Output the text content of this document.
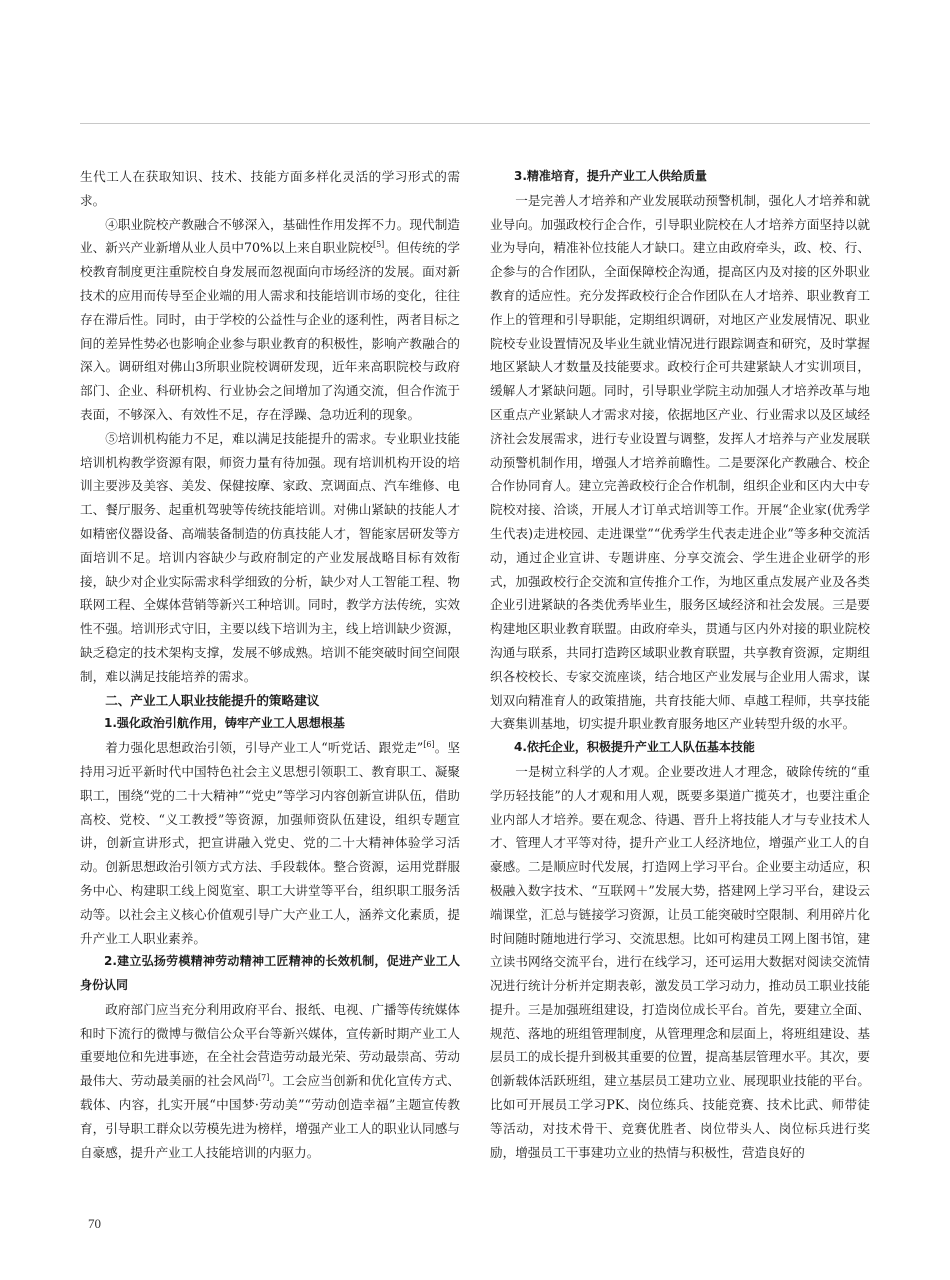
生代工人在获取知识、技术、技能方面多样化灵活的学习形式的需求。

④职业院校产教融合不够深入，基础性作用发挥不力。现代制造业、新兴产业新增从业人员中70%以上来自职业院校[5]。但传统的学校教育制度更注重院校自身发展而忽视面向市场经济的发展。面对新技术的应用而传导至企业端的用人需求和技能培训市场的变化，往往存在滞后性。同时，由于学校的公益性与企业的逐利性，两者目标之间的差异性势必也影响企业参与职业教育的积极性，影响产教融合的深入。调研组对佛山3所职业院校调研发现，近年来高职院校与政府部门、企业、科研机构、行业协会之间增加了沟通交流，但合作流于表面，不够深入、有效性不足，存在浮躁、急功近利的现象。

⑤培训机构能力不足，难以满足技能提升的需求。专业职业技能培训机构教学资源有限，师资力量有待加强。现有培训机构开设的培训主要涉及美容、美发、保健按摩、家政、烹调面点、汽车维修、电工、餐厅服务、起重机驾驶等传统技能培训。对佛山紧缺的技能人才如精密仪器设备、高端装备制造的仿真技能人才，智能家居研发等方面培训不足。培训内容缺少与政府制定的产业发展战略目标有效衔接，缺少对企业实际需求科学细致的分析，缺少对人工智能工程、物联网工程、全媒体营销等新兴工种培训。同时，教学方法传统，实效性不强。培训形式守旧，主要以线下培训为主，线上培训缺少资源，缺乏稳定的技术架构支撑，发展不够成熟。培训不能突破时间空间限制，难以满足技能培养的需求。

二、产业工人职业技能提升的策略建议

1.强化政治引航作用，铸牢产业工人思想根基

着力强化思想政治引领，引导产业工人“听党话、跟党走”[6]。坚持用习近平新时代中国特色社会主义思想引领职工、教育职工、凝聚职工，围绕“党的二十大精神”“党史”等学习内容创新宣讲队伍，借助高校、党校、“义工教授”等资源，加强师资队伍建设，组织专题宣讲，创新宣讲形式，把宣讲融入党史、党的二十大精神体验学习活动。创新思想政治引领方式方法、手段载体。整合资源，运用党群服务中心、构建职工线上阅览室、职工大讲堂等平台，组织职工服务活动等。以社会主义核心价值观引导广大产业工人，涵养文化素质，提升产业工人职业素养。

2.建立弘扬劳模精神劳动精神工匠精神的长效机制，促进产业工人身份认同

政府部门应当充分利用政府平台、报纸、电视、广播等传统媒体和时下流行的微博与微信公众平台等新兴媒体，宣传新时期产业工人重要地位和先进事迹，在全社会营造劳动最光荣、劳动最崇高、劳动最伟大、劳动最美丽的社会风尚[7]。工会应当创新和优化宣传方式、载体、内容，扎实开展“中国梦·劳动美”“劳动创造幸福”主题宣传教育，引导职工群众以劳模先进为榜样，增强产业工人的职业认同感与自豪感，提升产业工人技能培训的内驱力。

3.精准培育，提升产业工人供给质量

一是完善人才培养和产业发展联动预警机制，强化人才培养和就业导向。加强政校行企合作，引导职业院校在人才培养方面坚持以就业为导向，精准补位技能人才缺口。建立由政府牵头，政、校、行、企参与的合作团队，全面保障校企沟通，提高区内及对接的区外职业教育的适应性。充分发挥政校行企合作团队在人才培养、职业教育工作上的管理和引导职能，定期组织调研，对地区产业发展情况、职业院校专业设置情况及毕业生就业情况进行跟踪调查和研究，及时掌握地区紧缺人才数量及技能要求。政校行企可共建紧缺人才实训项目，缓解人才紧缺问题。同时，引导职业学院主动加强人才培养改革与地区重点产业紧缺人才需求对接，依据地区产业、行业需求以及区域经济社会发展需求，进行专业设置与调整，发挥人才培养与产业发展联动预警机制作用，增强人才培养前瞻性。二是要深化产教融合、校企合作协同育人。建立完善政校行企合作机制，组织企业和区内大中专院校对接、洽谈，开展人才订单式培训等工作。开展“企业家(优秀学生代表)走进校园、走进课堂”“优秀学生代表走进企业”等多种交流活动，通过企业宣讲、专题讲座、分享交流会、学生进企业研学的形式，加强政校行企交流和宣传推介工作，为地区重点发展产业及各类企业引进紧缺的各类优秀毕业生，服务区域经济和社会发展。三是要构建地区职业教育联盟。由政府牵头，贯通与区内外对接的职业院校沟通与联系，共同打造跨区域职业教育联盟，共享教育资源，定期组织各校校长、专家交流座谈，结合地区产业发展与企业用人需求，谋划双向精准育人的政策措施，共育技能大师、卓越工程师，共享技能大赛集训基地，切实提升职业教育服务地区产业转型升级的水平。

4.依托企业，积极提升产业工人队伍基本技能

一是树立科学的人才观。企业要改进人才理念，破除传统的“重学历轻技能”的人才观和用人观，既要多渠道广揽英才，也要注重企业内部人才培养。要在观念、待遇、晋升上将技能人才与专业技术人才、管理人才平等对待，提升产业工人经济地位，增强产业工人的自豪感。二是顺应时代发展，打造网上学习平台。企业要主动适应，积极融入数字技术、“互联网＋”发展大势，搭建网上学习平台，建设云端课堂，汇总与链接学习资源，让员工能突破时空限制、利用碎片化时间随时随地进行学习、交流思想。比如可构建员工网上图书馆，建立读书网络交流平台，进行在线学习，还可运用大数据对阅读交流情况进行统计分析并定期表彰，激发员工学习动力，推动员工职业技能提升。三是加强班组建设，打造岗位成长平台。首先，要建立全面、规范、落地的班组管理制度，从管理理念和层面上，将班组建设、基层员工的成长提升到极其重要的位置，提高基层管理水平。其次，要创新载体活跃班组，建立基层员工建功立业、展现职业技能的平台。比如可开展员工学习PK、岗位练兵、技能竞赛、技术比武、师带徒等活动，对技术骨干、竞赛优胜者、岗位带头人、岗位标兵进行奖励，增强员工干事建功立业的热情与积极性，营造良好的

70
